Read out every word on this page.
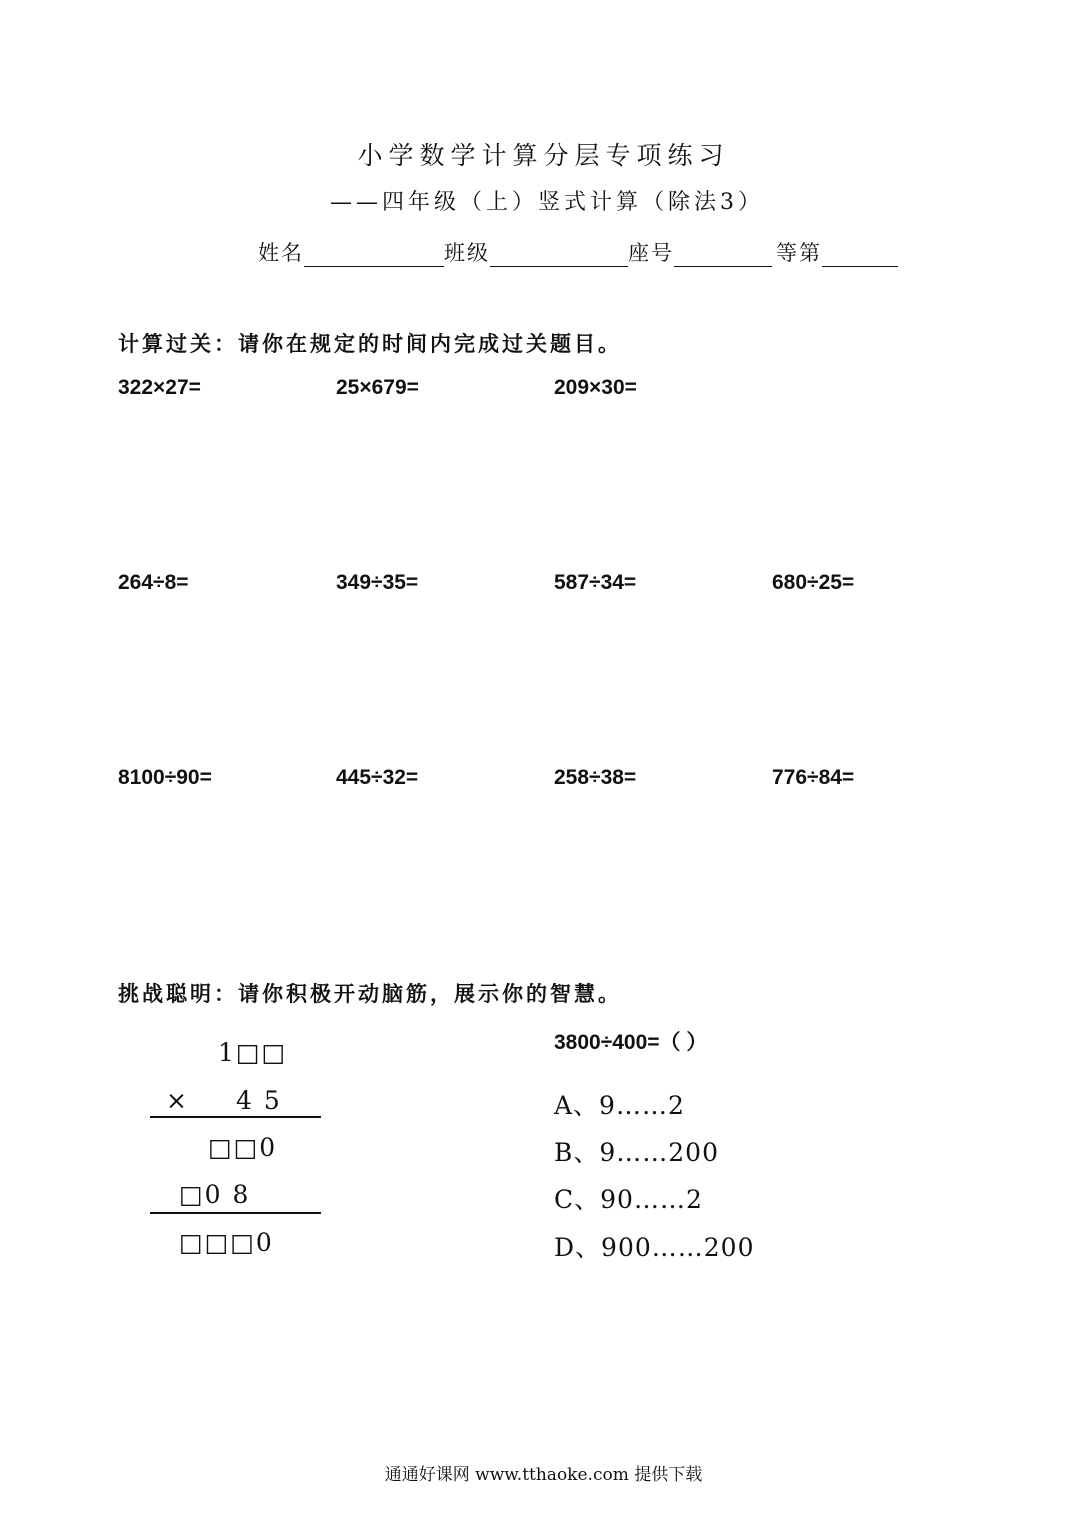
小学数学计算分层专项练习
——四年级（上）竖式计算（除法3）
姓名	班级	座号	等第
计算过关：请你在规定的时间内完成过关题目。
322×27=	25×679=	209×30=
264÷8=	349÷35=	587÷34=	680÷25=
8100÷90=	445÷32=	258÷38=	776÷84=
挑战聪明：请你积极开动脑筋，展示你的智慧。
1□□
× 4 5
□□0
□0 8
□□□0
3800÷400=（ ）
A、9……2
B、9……200
C、90……2
D、900……200
通通好课网 www.tthaoke.com 提供下载
